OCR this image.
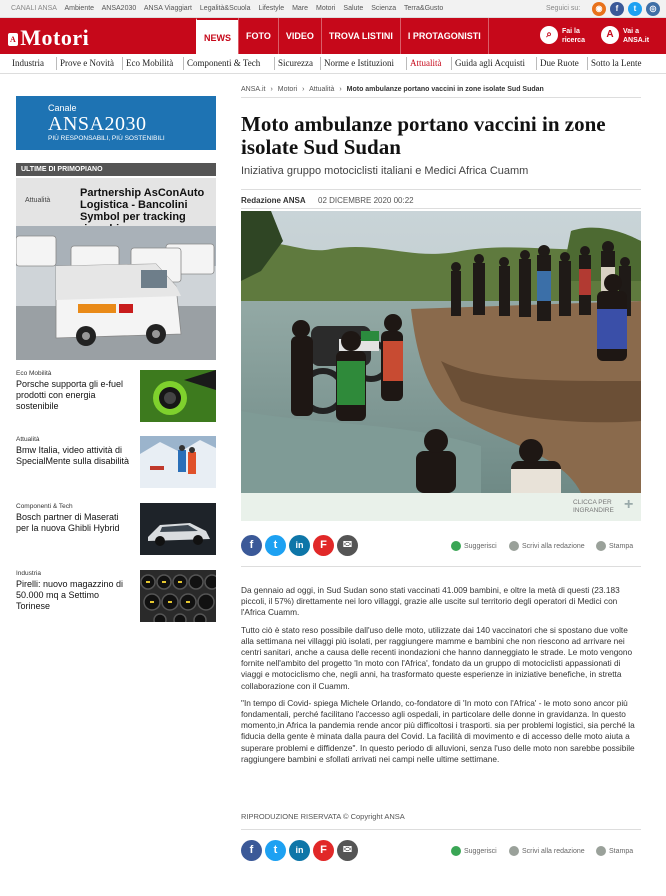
CANALI ANSA Ambiente ANSA2030 ANSA Viaggiart Legalità&Scuola Lifestyle Mare Motori Salute Scienza Terra&Gusto	Seguici su:	◉	f	t	◎
A Motori	NEWS	FOTO	VIDEO	TROVA LISTINI	I PROTAGONISTI	⌕	Fai la ricerca
A	Vai a ANSA.it
Industria Prove e Novità Eco Mobilità Componenti & Tech Sicurezza Norme e Istituzioni Attualità Guida agli Acquisti Due Ruote Sotto la Lente
Canale
ANSA2030
PIÙ RESPONSABILI, PIÙ SOSTENIBILI
ULTIME DI PRIMOPIANO
Attualità
Partnership AsConAuto Logistica - Bancolini Symbol per tracking
Eco Mobilità
Porsche supporta gli e-fuel prodotti con energia sostenibile
Attualità
Bmw Italia, video attività di SpecialMente sulla disabilità
Componenti & Tech
Bosch partner di Maserati per la nuova Ghibli Hybrid
Industria
Pirelli: nuovo magazzino di 50.000 mq a Settimo Torinese
ANSA.it › Motori › Attualità › Moto ambulanze portano vaccini in zone isolate Sud Sudan
Moto ambulanze portano vaccini in zone isolate Sud Sudan
Iniziativa gruppo motociclisti italiani e Medici Africa Cuamm
Redazione ANSA 02 DICEMBRE 2020 00:22
CLICCA PER
INGRANDIRE +
f	t	in	F	✉	Suggerisci	Scrivi alla redazione	Stampa

Da gennaio ad oggi, in Sud Sudan sono stati vaccinati 41.009 bambini, e oltre la metà di questi (23.183 piccoli, il 57%) direttamente nei loro villaggi, grazie alle uscite sul territorio degli operatori di Medici con l'Africa Cuamm.

Tutto ciò è stato reso possibile dall'uso delle moto, utilizzate dai 140 vaccinatori che si spostano due volte alla settimana nei villaggi più isolati, per raggiungere mamme e bambini che non riescono ad arrivare nei centri sanitari, anche a causa delle recenti inondazioni che hanno danneggiato le strade. Le moto vengono fornite nell'ambito del progetto 'In moto con l'Africa', fondato da un gruppo di motociclisti appassionati di viaggi e motociclismo che, negli anni, ha trasformato queste esperienze in iniziative benefiche, in stretta collaborazione con il Cuamm.

"In tempo di Covid- spiega Michele Orlando, co-fondatore di 'In moto con l'Africa' - le moto sono ancor più fondamentali, perché facilitano l'accesso agli ospedali, in particolare delle donne in gravidanza. In questo momento,in Africa la pandemia rende ancor più difficoltosi i trasporti. sia per problemi logistici, sia perché la fiducia della gente è minata dalla paura del Covid. La facilità di movimento e di accesso delle moto aiuta a superare problemi e diffidenze". In questo periodo di alluvioni, senza l'uso delle moto non sarebbe possibile raggiungere bambini e sfollati arrivati nei campi nelle ultime settimane.

RIPRODUZIONE RISERVATA © Copyright ANSA
f	t	in	F	✉	Suggerisci	Scrivi alla redazione	Stampa
